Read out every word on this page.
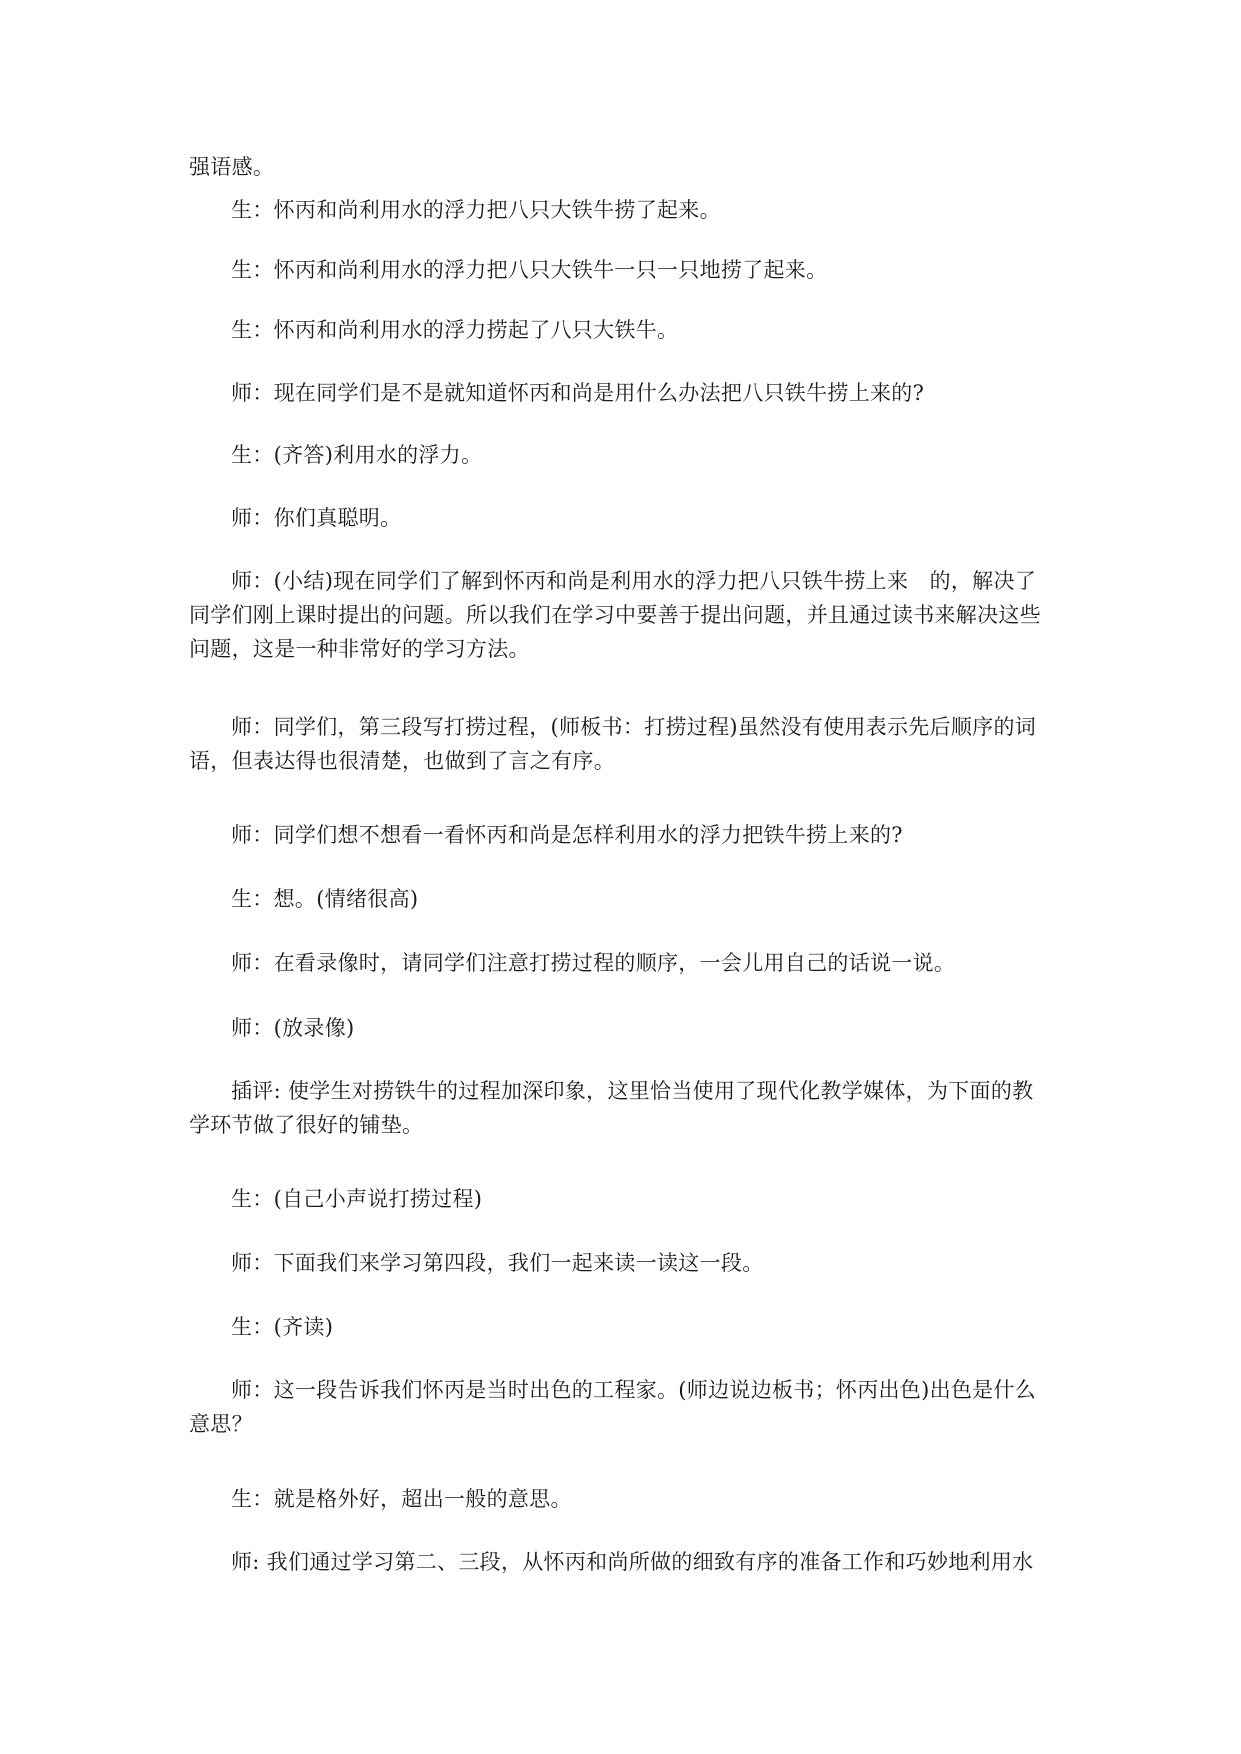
强语感。

生：怀丙和尚利用水的浮力把八只大铁牛捞了起来。

生：怀丙和尚利用水的浮力把八只大铁牛一只一只地捞了起来。

生：怀丙和尚利用水的浮力捞起了八只大铁牛。

师：现在同学们是不是就知道怀丙和尚是用什么办法把八只铁牛捞上来的?

生：(齐答)利用水的浮力。

师：你们真聪明。

师：(小结)现在同学们了解到怀丙和尚是利用水的浮力把八只铁牛捞上来　的，解决了同学们刚上课时提出的问题。所以我们在学习中要善于提出问题，并且通过读书来解决这些问题，这是一种非常好的学习方法。

师：同学们，第三段写打捞过程，(师板书：打捞过程)虽然没有使用表示先后顺序的词语，但表达得也很清楚，也做到了言之有序。

师：同学们想不想看一看怀丙和尚是怎样利用水的浮力把铁牛捞上来的?

生：想。(情绪很高)

师：在看录像时，请同学们注意打捞过程的顺序，一会儿用自己的话说一说。

师：(放录像)

插评: 使学生对捞铁牛的过程加深印象，这里恰当使用了现代化教学媒体，为下面的教学环节做了很好的铺垫。

生：(自己小声说打捞过程)

师：下面我们来学习第四段，我们一起来读一读这一段。

生：(齐读)

师：这一段告诉我们怀丙是当时出色的工程家。(师边说边板书；怀丙出色)出色是什么意思？

生：就是格外好，超出一般的意思。

师: 我们通过学习第二、三段，从怀丙和尚所做的细致有序的准备工作和巧妙地利用水
